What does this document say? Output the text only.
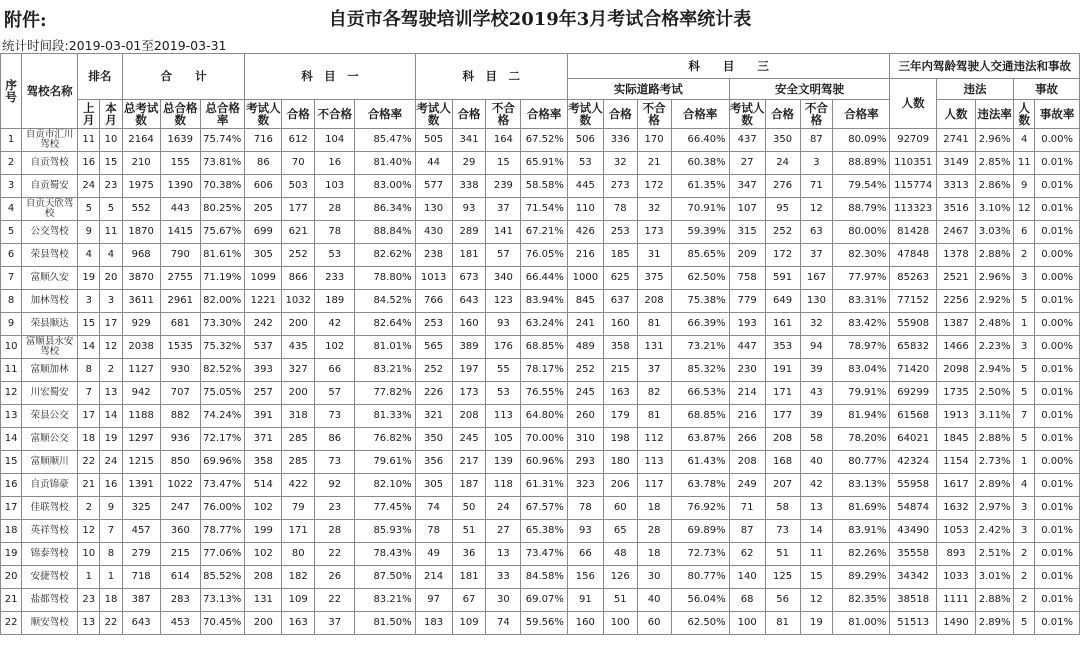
自贡市各驾驶培训学校2019年3月考试合格率统计表
附件:
统计时间段:2019-03-01至2019-03-31
序号	驾校名称	排名		合　　计			科　目　一				科　目　二				科　　目　　三								三年内驾龄驾驶人交通违法和事故				
															实际道路考试				安全文明驾驶				人数	违法		事故	
		上月	本月	总考试数	总合格数	总合格率	考试人数	合格	不合格	合格率	考试人数	合格	不合格	合格率	考试人数	合格	不合格	合格率	考试人数	合格	不合格	合格率		人数	违法率	人数	事故率
1	自贡市汇川驾校	11	10	2164	1639	75.74%	716	612	104	85.47%	505	341	164	67.52%	506	336	170	66.40%	437	350	87	80.09%	92709	2741	2.96%	4	0.00%
2	自贡驾校	16	15	210	155	73.81%	86	70	16	81.40%	44	29	15	65.91%	53	32	21	60.38%	27	24	3	88.89%	110351	3149	2.85%	11	0.01%
3	自贡蜀安	24	23	1975	1390	70.38%	606	503	103	83.00%	577	338	239	58.58%	445	273	172	61.35%	347	276	71	79.54%	115774	3313	2.86%	9	0.01%
4	自贡天欣驾校	5	5	552	443	80.25%	205	177	28	86.34%	130	93	37	71.54%	110	78	32	70.91%	107	95	12	88.79%	113323	3516	3.10%	12	0.01%
5	公交驾校	9	11	1870	1415	75.67%	699	621	78	88.84%	430	289	141	67.21%	426	253	173	59.39%	315	252	63	80.00%	81428	2467	3.03%	6	0.01%
6	荣县驾校	4	4	968	790	81.61%	305	252	53	82.62%	238	181	57	76.05%	216	185	31	85.65%	209	172	37	82.30%	47848	1378	2.88%	2	0.00%
7	富顺久安	19	20	3870	2755	71.19%	1099	866	233	78.80%	1013	673	340	66.44%	1000	625	375	62.50%	758	591	167	77.97%	85263	2521	2.96%	3	0.00%
8	加林驾校	3	3	3611	2961	82.00%	1221	1032	189	84.52%	766	643	123	83.94%	845	637	208	75.38%	779	649	130	83.31%	77152	2256	2.92%	5	0.01%
9	荣县顺达	15	17	929	681	73.30%	242	200	42	82.64%	253	160	93	63.24%	241	160	81	66.39%	193	161	32	83.42%	55908	1387	2.48%	1	0.00%
10	富顺县永安驾校	14	12	2038	1535	75.32%	537	435	102	81.01%	565	389	176	68.85%	489	358	131	73.21%	447	353	94	78.97%	65832	1466	2.23%	3	0.00%
11	富顺加林	8	2	1127	930	82.52%	393	327	66	83.21%	252	197	55	78.17%	252	215	37	85.32%	230	191	39	83.04%	71420	2098	2.94%	5	0.01%
12	川宏蜀安	7	13	942	707	75.05%	257	200	57	77.82%	226	173	53	76.55%	245	163	82	66.53%	214	171	43	79.91%	69299	1735	2.50%	5	0.01%
13	荣县公交	17	14	1188	882	74.24%	391	318	73	81.33%	321	208	113	64.80%	260	179	81	68.85%	216	177	39	81.94%	61568	1913	3.11%	7	0.01%
14	富顺公交	18	19	1297	936	72.17%	371	285	86	76.82%	350	245	105	70.00%	310	198	112	63.87%	266	208	58	78.20%	64021	1845	2.88%	5	0.01%
15	富顺顺川	22	24	1215	850	69.96%	358	285	73	79.61%	356	217	139	60.96%	293	180	113	61.43%	208	168	40	80.77%	42324	1154	2.73%	1	0.00%
16	自贡锦豪	21	16	1391	1022	73.47%	514	422	92	82.10%	305	187	118	61.31%	323	206	117	63.78%	249	207	42	83.13%	55958	1617	2.89%	4	0.01%
17	佳联驾校	2	9	325	247	76.00%	102	79	23	77.45%	74	50	24	67.57%	78	60	18	76.92%	71	58	13	81.69%	54874	1632	2.97%	3	0.01%
18	英祥驾校	12	7	457	360	78.77%	199	171	28	85.93%	78	51	27	65.38%	93	65	28	69.89%	87	73	14	83.91%	43490	1053	2.42%	3	0.01%
19	锦泰驾校	10	8	279	215	77.06%	102	80	22	78.43%	49	36	13	73.47%	66	48	18	72.73%	62	51	11	82.26%	35558	893	2.51%	2	0.01%
20	安捷驾校	1	1	718	614	85.52%	208	182	26	87.50%	214	181	33	84.58%	156	126	30	80.77%	140	125	15	89.29%	34342	1033	3.01%	2	0.01%
21	盐都驾校	23	18	387	283	73.13%	131	109	22	83.21%	97	67	30	69.07%	91	51	40	56.04%	68	56	12	82.35%	38518	1111	2.88%	2	0.01%
22	顺安驾校	13	22	643	453	70.45%	200	163	37	81.50%	183	109	74	59.56%	160	100	60	62.50%	100	81	19	81.00%	51513	1490	2.89%	5	0.01%
